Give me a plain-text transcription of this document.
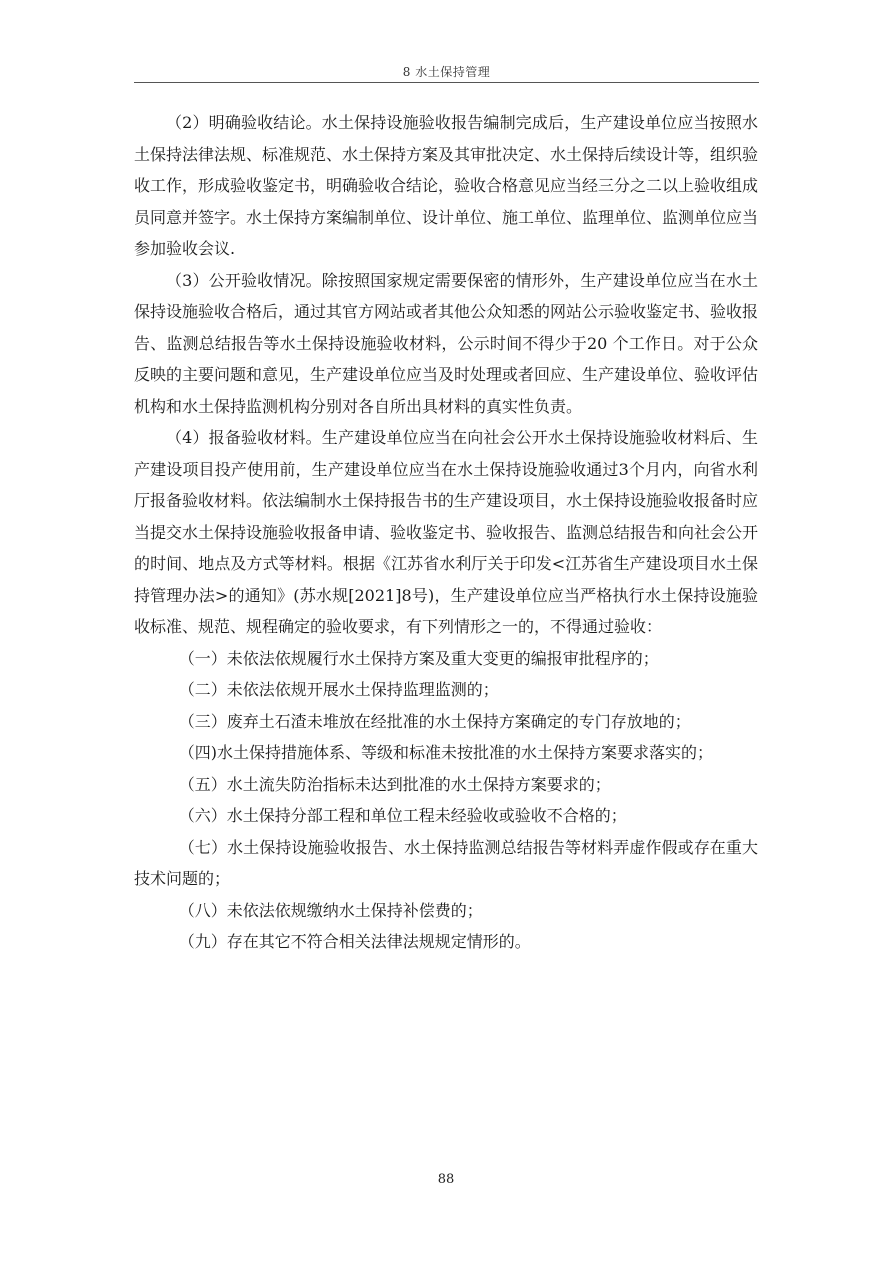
8 水土保持管理

（2）明确验收结论。水土保持设施验收报告编制完成后，生产建设单位应当按照水土保持法律法规、标准规范、水土保持方案及其审批决定、水土保持后续设计等，组织验收工作，形成验收鉴定书，明确验收合结论，验收合格意见应当经三分之二以上验收组成员同意并签字。水土保持方案编制单位、设计单位、施工单位、监理单位、监测单位应当参加验收会议.

（3）公开验收情况。除按照国家规定需要保密的情形外，生产建设单位应当在水土保持设施验收合格后，通过其官方网站或者其他公众知悉的网站公示验收鉴定书、验收报告、监测总结报告等水土保持设施验收材料，公示时间不得少于20 个工作日。对于公众反映的主要问题和意见，生产建设单位应当及时处理或者回应、生产建设单位、验收评估机构和水土保持监测机构分别对各自所出具材料的真实性负责。

（4）报备验收材料。生产建设单位应当在向社会公开水土保持设施验收材料后、生产建设项目投产使用前，生产建设单位应当在水土保持设施验收通过3个月内，向省水利厅报备验收材料。依法编制水土保持报告书的生产建设项目，水土保持设施验收报备时应当提交水土保持设施验收报备申请、验收鉴定书、验收报告、监测总结报告和向社会公开的时间、地点及方式等材料。根据《江苏省水利厅关于印发<江苏省生产建设项目水土保持管理办法>的通知》(苏水规[2021]8号)，生产建设单位应当严格执行水土保持设施验收标准、规范、规程确定的验收要求，有下列情形之一的，不得通过验收：

（一）未依法依规履行水土保持方案及重大变更的编报审批程序的；

（二）未依法依规开展水土保持监理监测的；

（三）废弃土石渣未堆放在经批准的水土保持方案确定的专门存放地的；

（四)水土保持措施体系、等级和标准未按批准的水土保持方案要求落实的；

（五）水土流失防治指标未达到批准的水土保持方案要求的；

（六）水土保持分部工程和单位工程未经验收或验收不合格的；

（七）水土保持设施验收报告、水土保持监测总结报告等材料弄虚作假或存在重大技术问题的；

（八）未依法依规缴纳水土保持补偿费的；

（九）存在其它不符合相关法律法规规定情形的。

88
